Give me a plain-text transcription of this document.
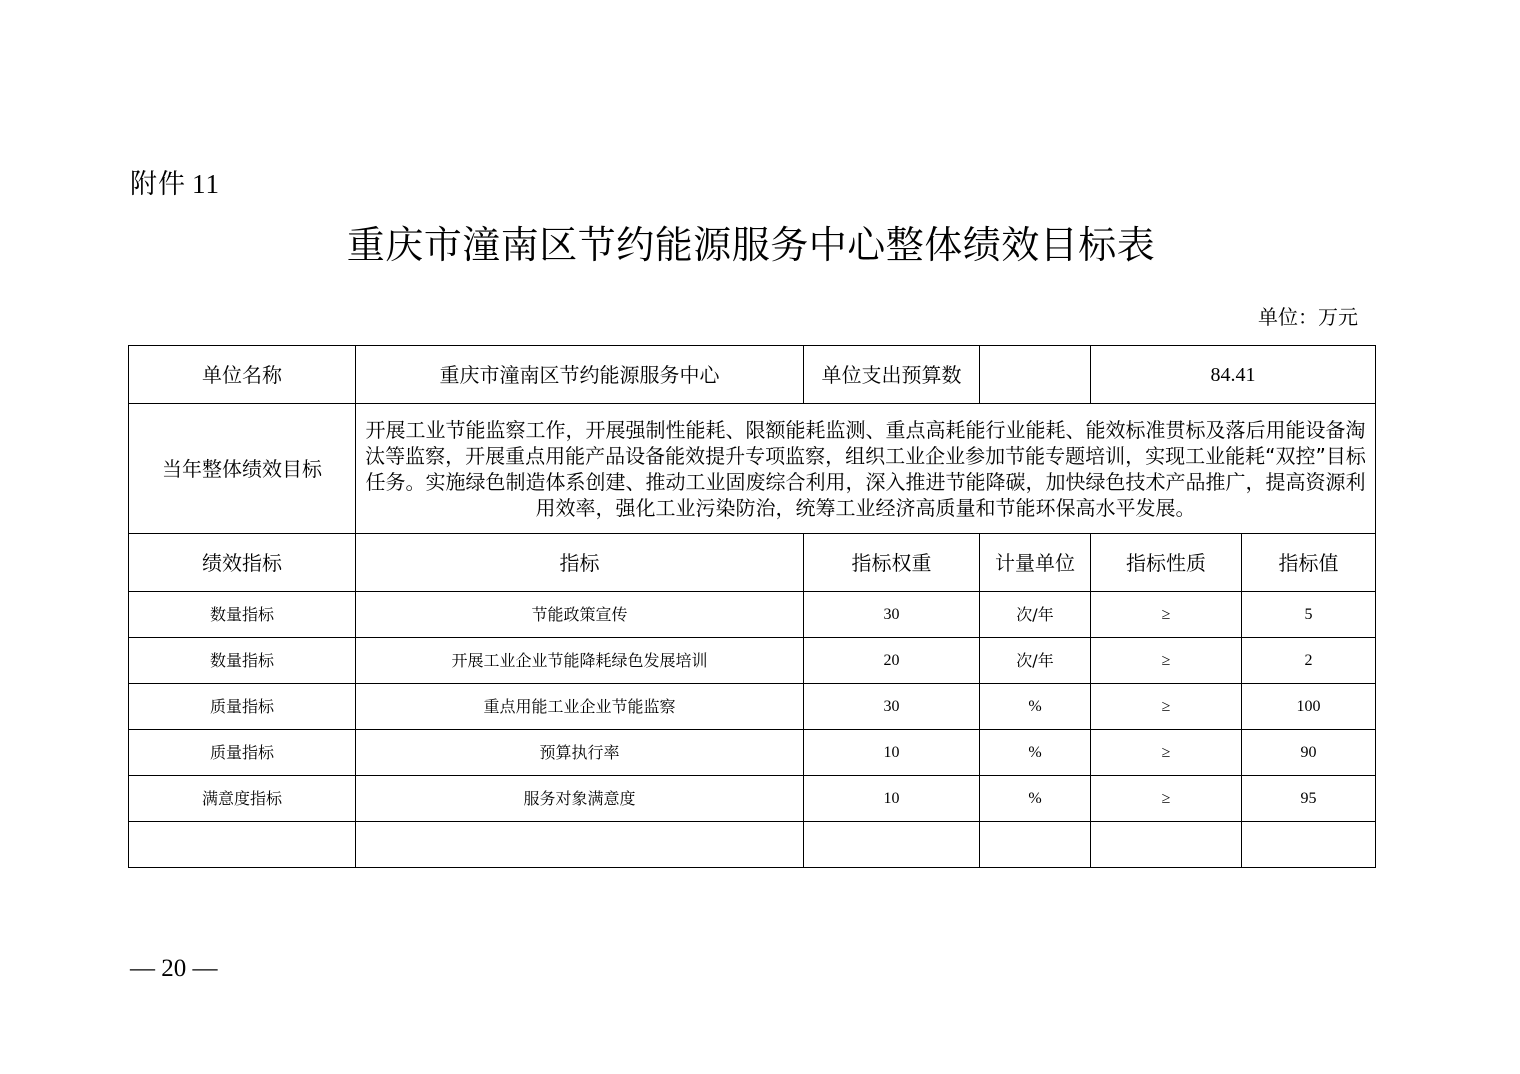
附件 11
重庆市潼南区节约能源服务中心整体绩效目标表
单位：万元
单位名称	重庆市潼南区节约能源服务中心	单位支出预算数		84.41	
当年整体绩效目标	开展工业节能监察工作，开展强制性能耗、限额能耗监测、重点高耗能行业能耗、能效标准贯标及落后用能设备淘汰等监察，开展重点用能产品设备能效提升专项监察，组织工业企业参加节能专题培训，实现工业能耗“双控”目标任务。实施绿色制造体系创建、推动工业固废综合利用，深入推进节能降碳，加快绿色技术产品推广，提高资源利用效率，强化工业污染防治，统筹工业经济高质量和节能环保高水平发展。				
绩效指标	指标	指标权重	计量单位	指标性质	指标值
数量指标	节能政策宣传	30	次/年	≥	5
数量指标	开展工业企业节能降耗绿色发展培训	20	次/年	≥	2
质量指标	重点用能工业企业节能监察	30	%	≥	100
质量指标	预算执行率	10	%	≥	90
满意度指标	服务对象满意度	10	%	≥	95

— 20 —
